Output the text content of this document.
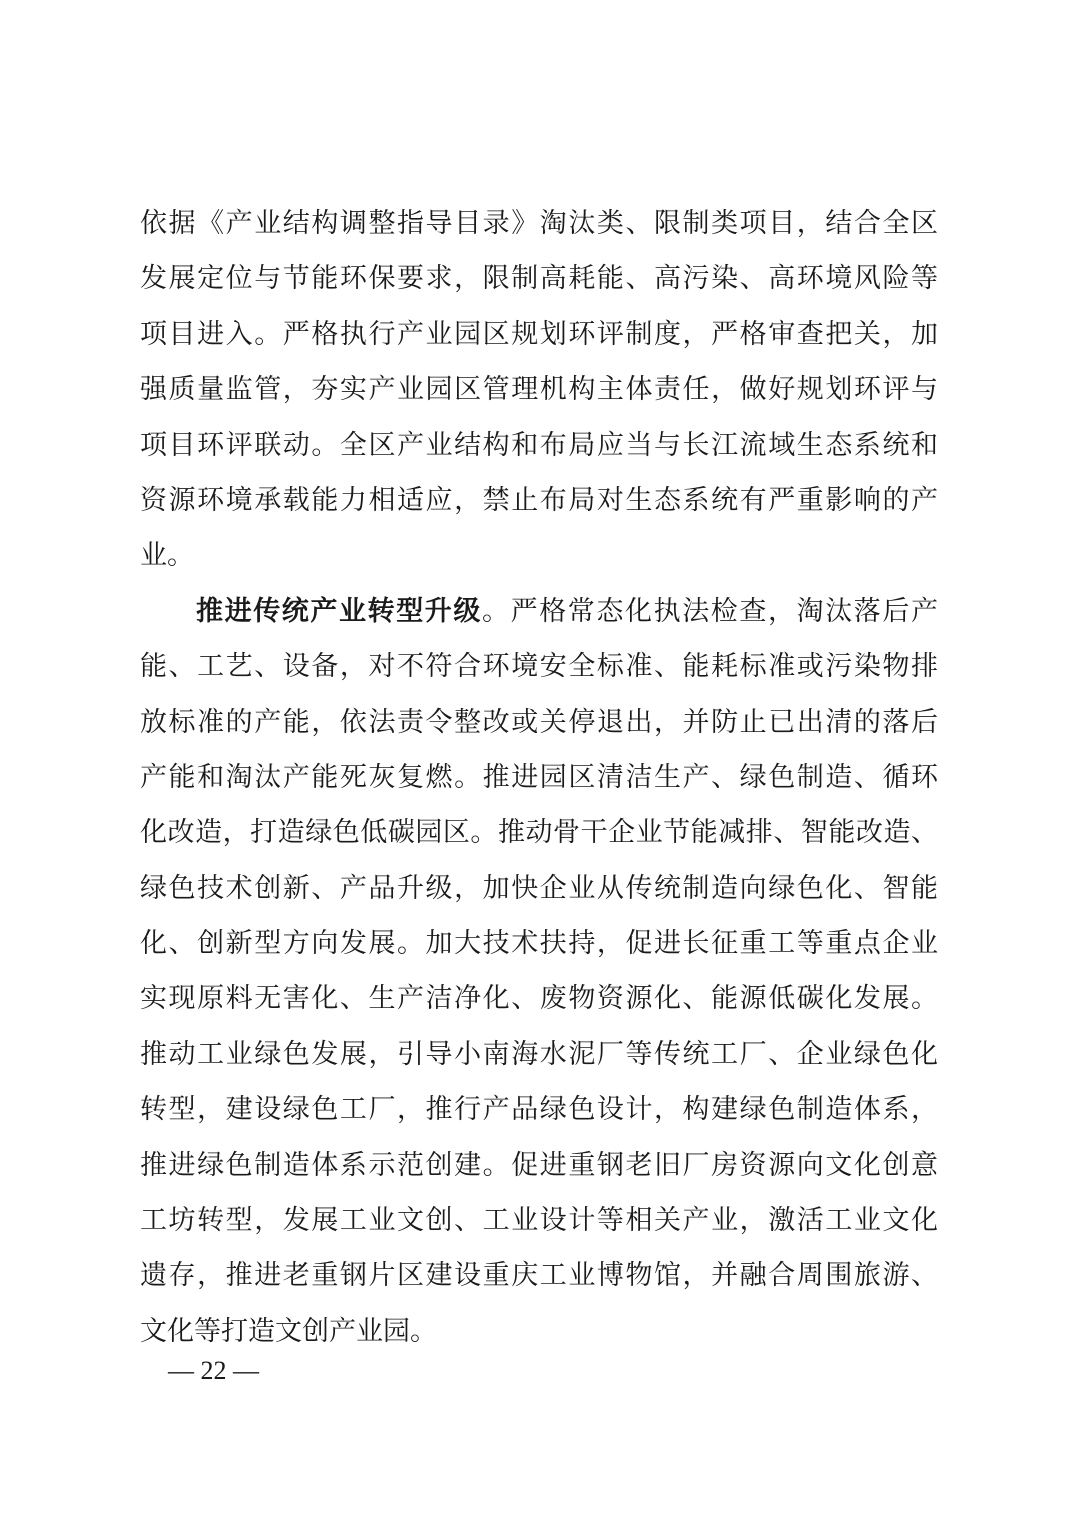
依据《产业结构调整指导目录》淘汰类、限制类项目，结合全区
发展定位与节能环保要求，限制高耗能、高污染、高环境风险等
项目进入。严格执行产业园区规划环评制度，严格审查把关，加
强质量监管，夯实产业园区管理机构主体责任，做好规划环评与
项目环评联动。全区产业结构和布局应当与长江流域生态系统和
资源环境承载能力相适应，禁止布局对生态系统有严重影响的产
业。
推进传统产业转型升级。严格常态化执法检查，淘汰落后产
能、工艺、设备，对不符合环境安全标准、能耗标准或污染物排
放标准的产能，依法责令整改或关停退出，并防止已出清的落后
产能和淘汰产能死灰复燃。推进园区清洁生产、绿色制造、循环
化改造，打造绿色低碳园区。推动骨干企业节能减排、智能改造、
绿色技术创新、产品升级，加快企业从传统制造向绿色化、智能
化、创新型方向发展。加大技术扶持，促进长征重工等重点企业
实现原料无害化、生产洁净化、废物资源化、能源低碳化发展。
推动工业绿色发展，引导小南海水泥厂等传统工厂、企业绿色化
转型，建设绿色工厂，推行产品绿色设计，构建绿色制造体系，
推进绿色制造体系示范创建。促进重钢老旧厂房资源向文化创意
工坊转型，发展工业文创、工业设计等相关产业，激活工业文化
遗存，推进老重钢片区建设重庆工业博物馆，并融合周围旅游、
文化等打造文创产业园。
— 22 —
